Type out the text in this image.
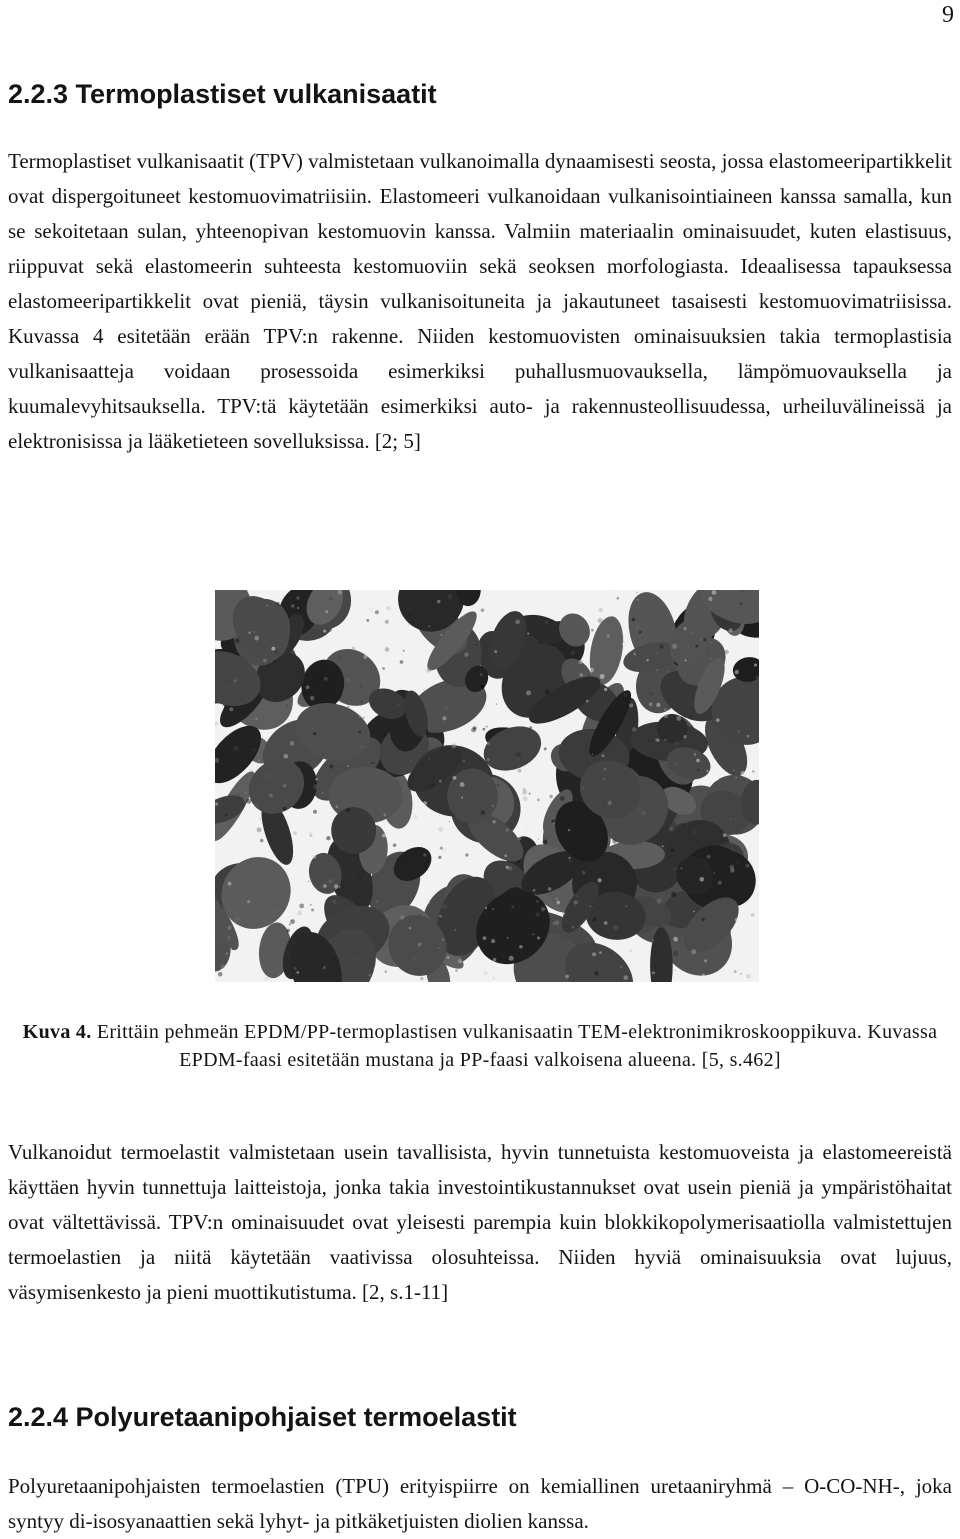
9
2.2.3 Termoplastiset vulkanisaatit

Termoplastiset vulkanisaatit (TPV) valmistetaan vulkanoimalla dynaamisesti seosta, jossa elastomeeripartikkelit ovat dispergoituneet kestomuovimatriisiin. Elastomeeri vulkanoidaan vulkanisointiaineen kanssa samalla, kun se sekoitetaan sulan, yhteenopivan kestomuovin kanssa. Valmiin materiaalin ominaisuudet, kuten elastisuus, riippuvat sekä elastomeerin suhteesta kestomuoviin sekä seoksen morfologiasta. Ideaalisessa tapauksessa elastomeeripartikkelit ovat pieniä, täysin vulkanisoituneita ja jakautuneet tasaisesti kestomuovimatriisissa. Kuvassa 4 esitetään erään TPV:n rakenne. Niiden kestomuovisten ominaisuuksien takia termoplastisia vulkanisaatteja voidaan prosessoida esimerkiksi puhallusmuovauksella, lämpömuovauksella ja kuumalevyhitsauksella. TPV:tä käytetään esimerkiksi auto- ja rakennusteollisuudessa, urheiluvälineissä ja elektronisissa ja lääketieteen sovelluksissa. [2; 5]

Kuva 4. Erittäin pehmeän EPDM/PP-termoplastisen vulkanisaatin TEM-elektronimikroskooppikuva. Kuvassa EPDM-faasi esitetään mustana ja PP-faasi valkoisena alueena. [5, s.462]

Vulkanoidut termoelastit valmistetaan usein tavallisista, hyvin tunnetuista kestomuoveista ja elastomeereistä käyttäen hyvin tunnettuja laitteistoja, jonka takia investointikustannukset ovat usein pieniä ja ympäristöhaitat ovat vältettävissä. TPV:n ominaisuudet ovat yleisesti parempia kuin blokkikopolymerisaatiolla valmistettujen termoelastien ja niitä käytetään vaativissa olosuhteissa. Niiden hyviä ominaisuuksia ovat lujuus, väsymisenkesto ja pieni muottikutistuma. [2, s.1-11]

2.2.4 Polyuretaanipohjaiset termoelastit

Polyuretaanipohjaisten termoelastien (TPU) erityispiirre on kemiallinen uretaaniryhmä – O-CO-NH-, joka syntyy di-isosyanaattien sekä lyhyt- ja pitkäketjuisten diolien kanssa.
